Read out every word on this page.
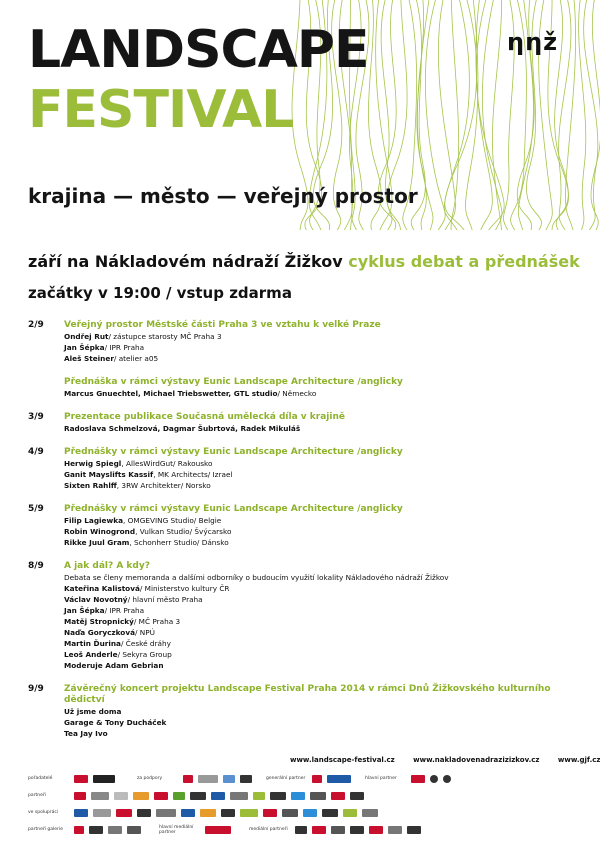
LANDSCAPE
FESTIVAL
ηηž
krajina — město — veřejný prostor
září na Nákladovém nádraží Žižkov cyklus debat a přednášek
začátky v 19:00 / vstup zdarma
2/9	Veřejný prostor Městské části Praha 3 ve vztahu k velké Praze
Ondřej Rut/ zástupce starosty MČ Praha 3
Jan Šépka/ IPR Praha
Aleš Steiner/ atelier a05
Přednáška v rámci výstavy Eunic Landscape Architecture /anglicky
Marcus Gnuechtel, Michael Triebswetter, GTL studio/ Německo
3/9	Prezentace publikace Současná umělecká díla v krajině
Radoslava Schmelzová, Dagmar Šubrtová, Radek Mikuláš
4/9	Přednášky v rámci výstavy Eunic Landscape Architecture /anglicky
Herwig Spiegl, AllesWirdGut/ Rakousko
Ganit Mayslifts Kassif, MK Architects/ Izrael
Sixten Rahlff, 3RW Architekter/ Norsko
5/9	Přednášky v rámci výstavy Eunic Landscape Architecture /anglicky
Filip Lagiewka, OMGEVING Studio/ Belgie
Robin Winogrond, Vulkan Studio/ Švýcarsko
Rikke Juul Gram, Schonherr Studio/ Dánsko
8/9	A jak dál? A kdy?
Debata se členy memoranda a dalšími odborníky o budoucím využití lokality Nákladového nádraží Žižkov
Kateřina Kalistová/ Ministerstvo kultury ČR
Václav Novotný/ hlavní město Praha
Jan Šépka/ IPR Praha
Matěj Stropnický/ MČ Praha 3
Naďa Goryczková/ NPÚ
Martin Ďurina/ České dráhy
Leoš Anderle/ Sekyra Group
Moderuje Adam Gebrian
9/9	Závěrečný koncert projektu Landscape Festival Praha 2014 v rámci Dnů Žižkovského kulturního dědictví
Už jsme doma
Garage & Tony Ducháček
Tea Jay Ivo
www.landscape-festival.cz	www.nakladovenadrazizizkov.cz	www.gjf.cz
pořadatelé	za podpory	generální partner	hlavní partner
partneři
ve spolupráci
partneři galerie	hlavní mediální partner	mediální partneři
